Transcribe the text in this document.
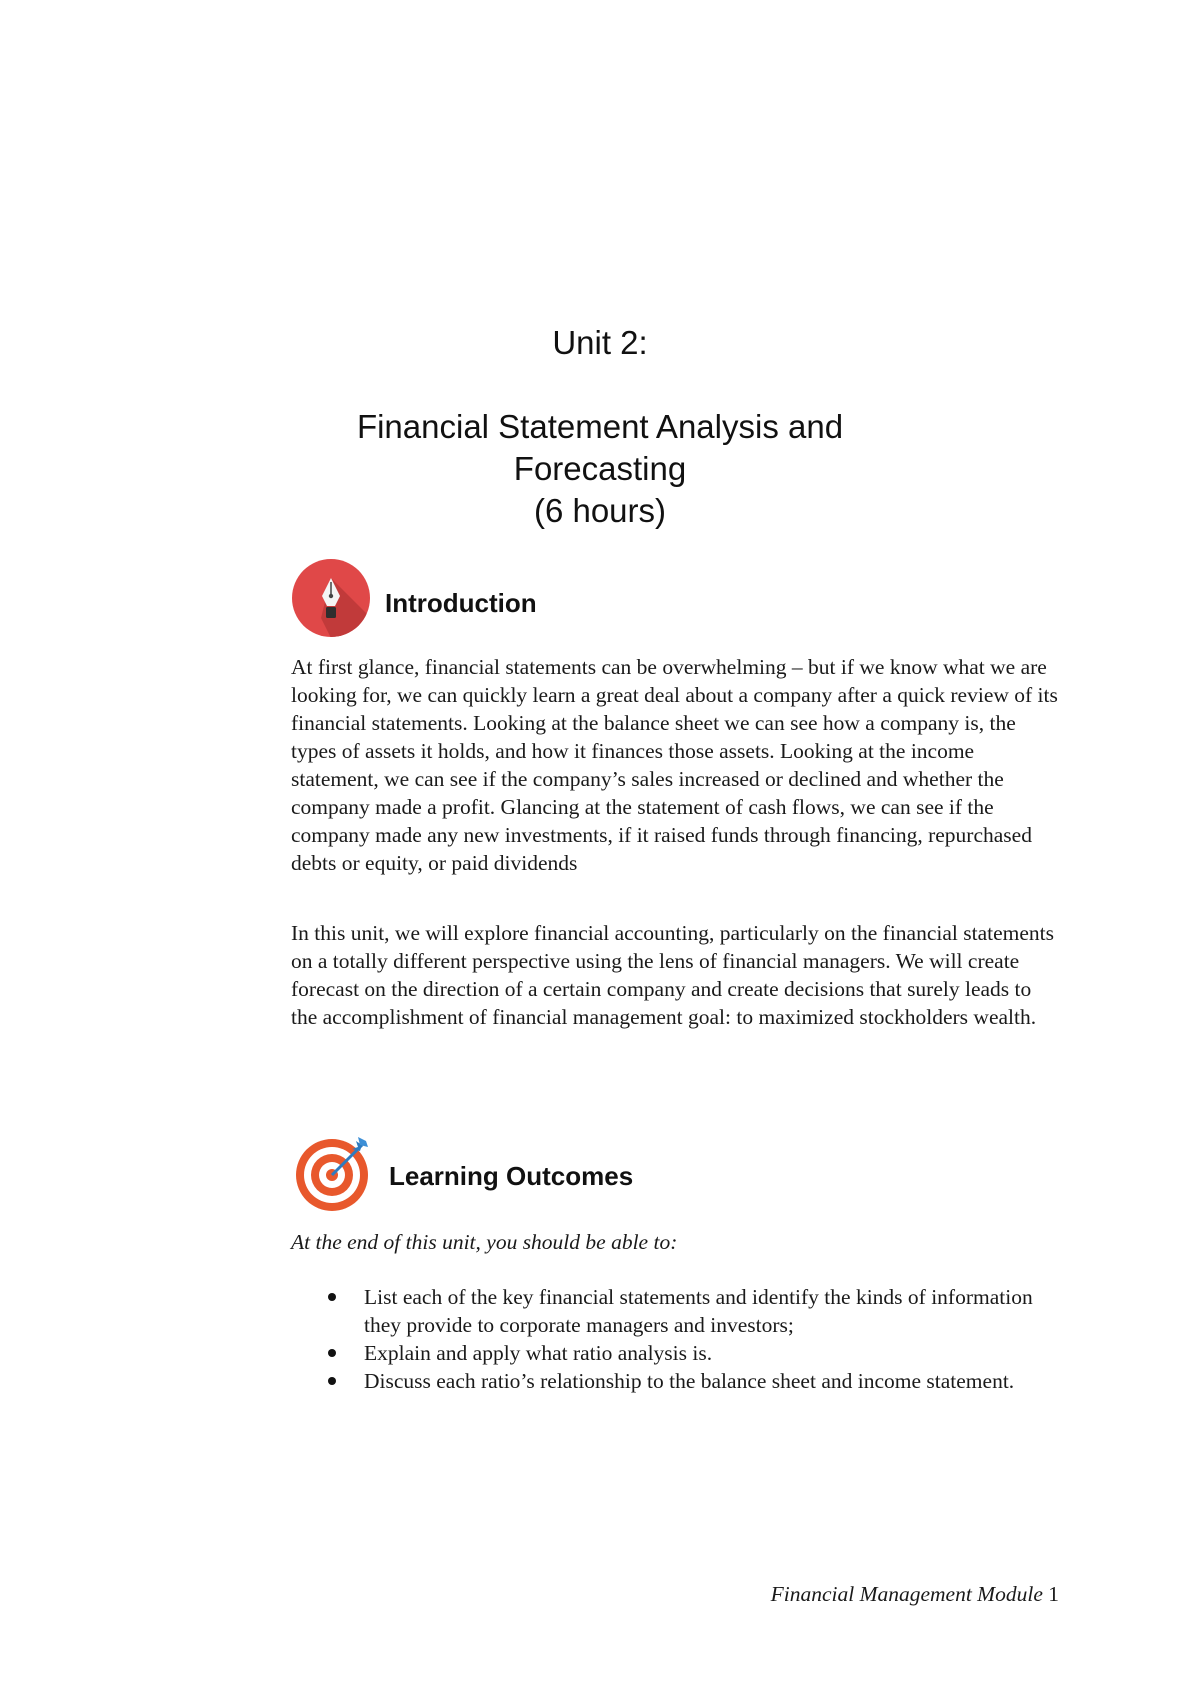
Unit 2:
Financial Statement Analysis and
Forecasting
(6 hours)
Introduction

At first glance, financial statements can be overwhelming – but if we know what we are looking for, we can quickly learn a great deal about a company after a quick review of its financial statements. Looking at the balance sheet we can see how a company is, the types of assets it holds, and how it finances those assets. Looking at the income statement, we can see if the company’s sales increased or declined and whether the company made a profit. Glancing at the statement of cash flows, we can see if the company made any new investments, if it raised funds through financing, repurchased debts or equity, or paid dividends

In this unit, we will explore financial accounting, particularly on the financial statements on a totally different perspective using the lens of financial managers. We will create forecast on the direction of a certain company and create decisions that surely leads to the accomplishment of financial management goal: to maximized stockholders wealth.

Learning Outcomes

At the end of this unit, you should be able to:

List each of the key financial statements and identify the kinds of information they provide to corporate managers and investors;
Explain and apply what ratio analysis is.
Discuss each ratio’s relationship to the balance sheet and income statement.
Financial Management Module 1
